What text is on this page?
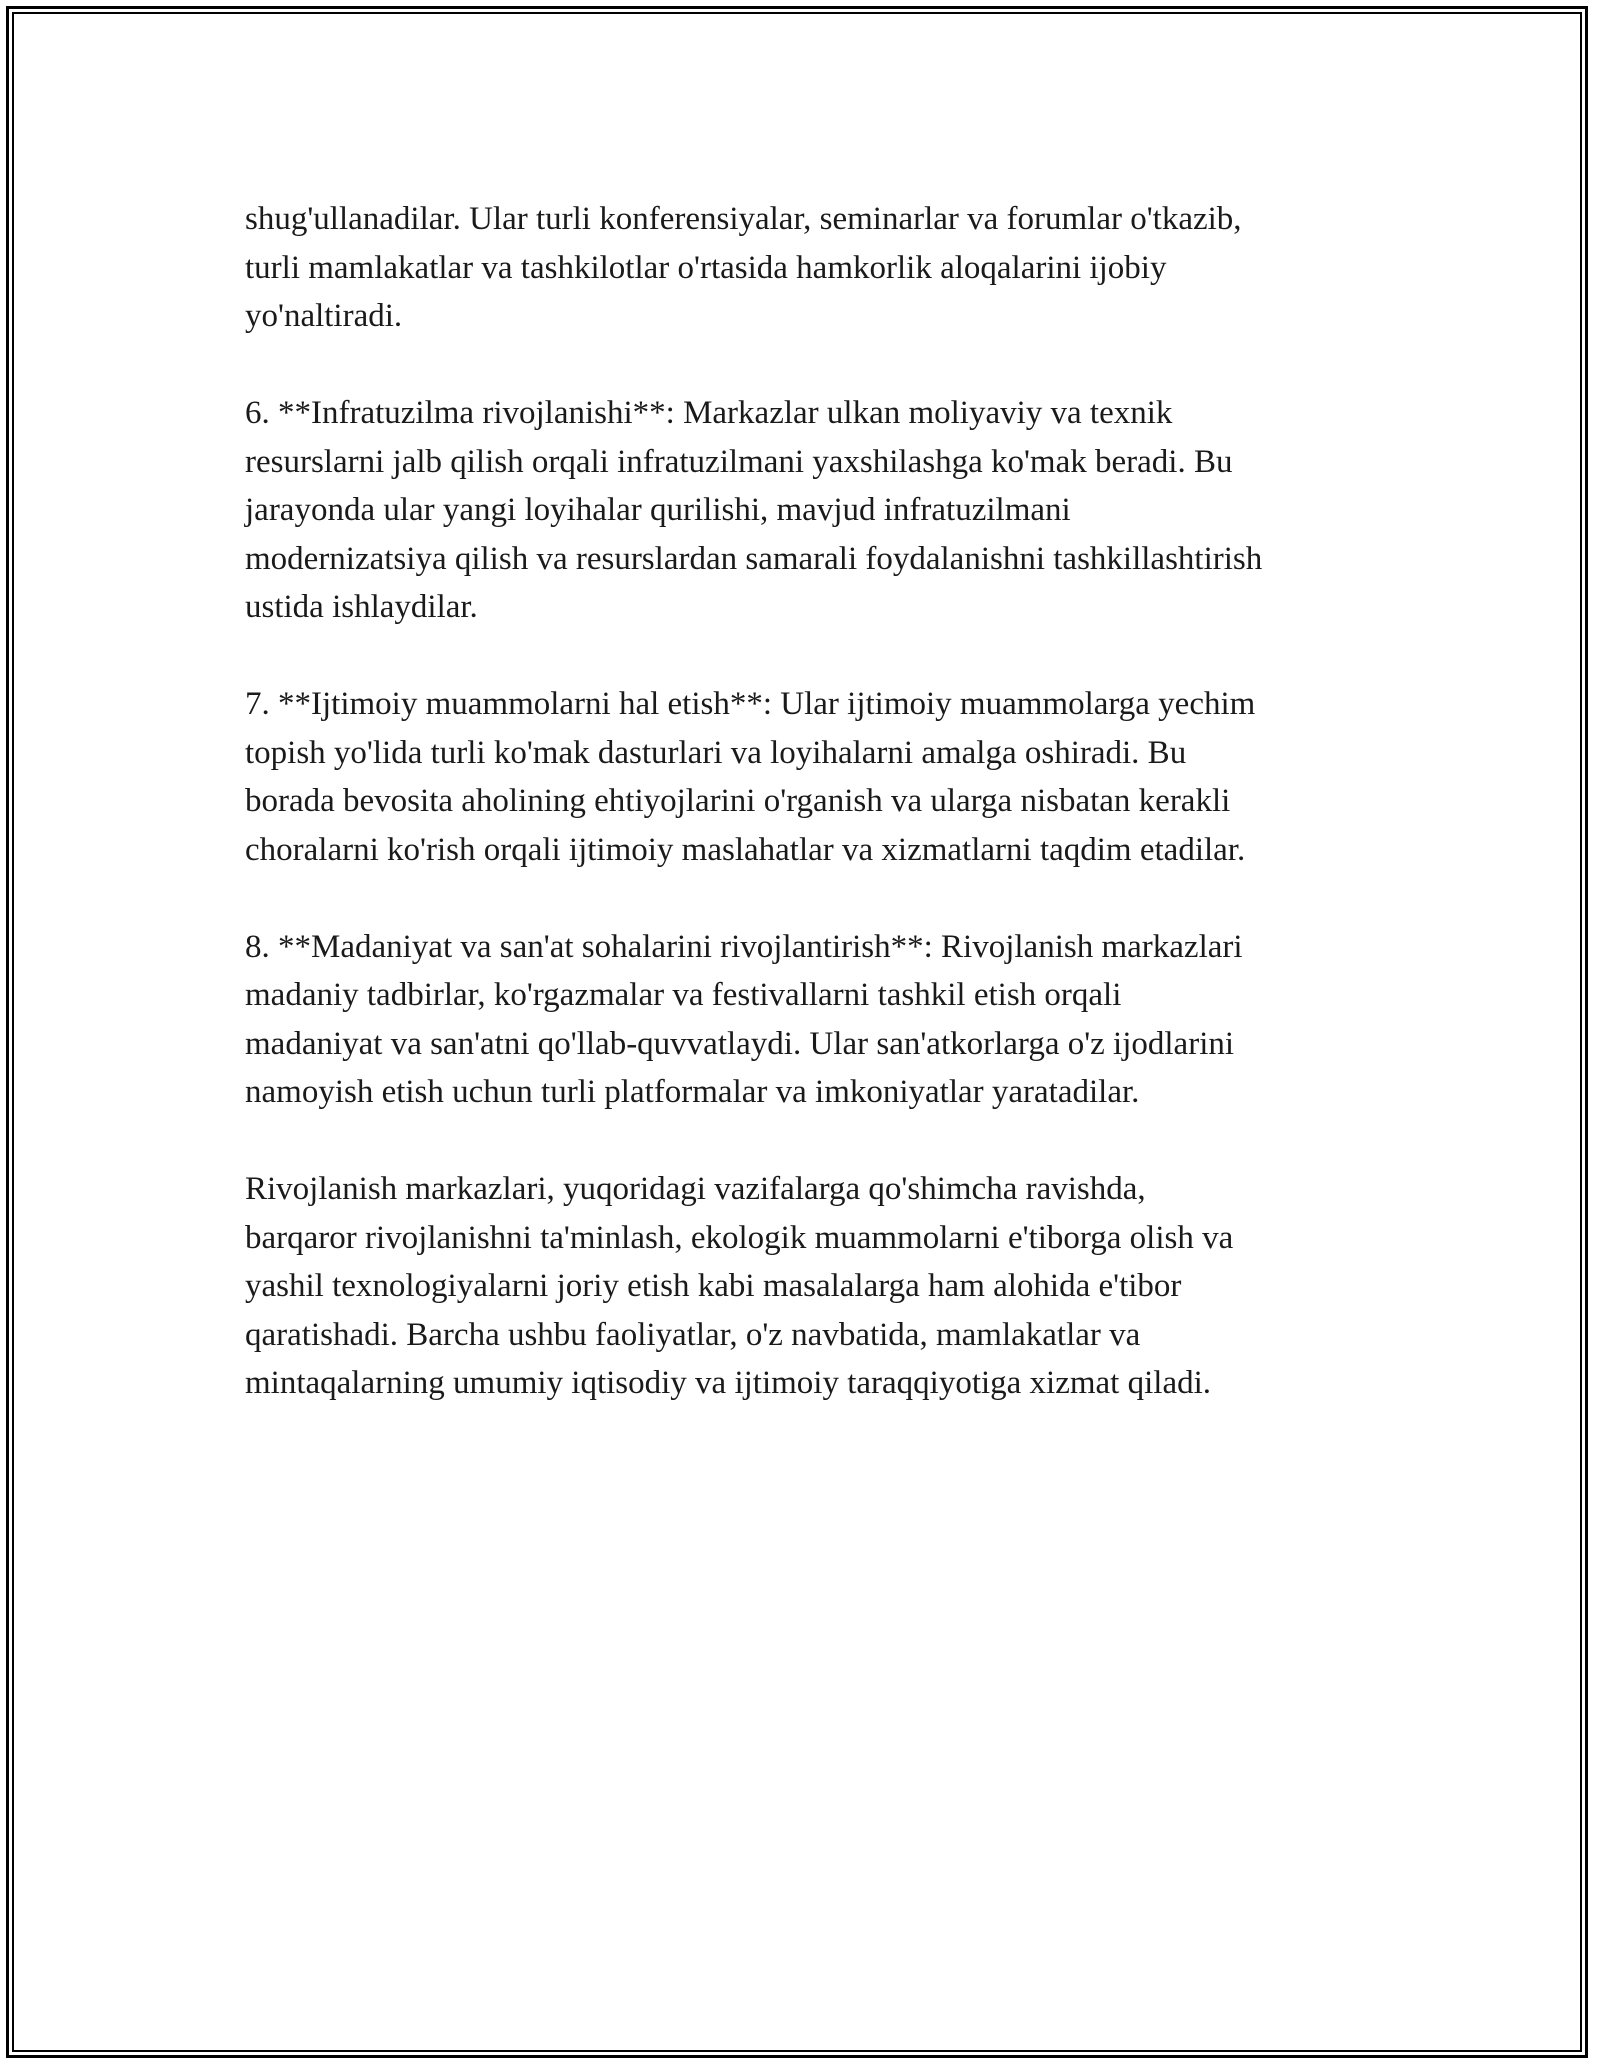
shug'ullanadilar. Ular turli konferensiyalar, seminarlar va forumlar o'tkazib,
turli mamlakatlar va tashkilotlar o'rtasida hamkorlik aloqalarini ijobiy
yo'naltiradi.

6. **Infratuzilma rivojlanishi**: Markazlar ulkan moliyaviy va texnik
resurslarni jalb qilish orqali infratuzilmani yaxshilashga ko'mak beradi. Bu
jarayonda ular yangi loyihalar qurilishi, mavjud infratuzilmani
modernizatsiya qilish va resurslardan samarali foydalanishni tashkillashtirish
ustida ishlaydilar.

7. **Ijtimoiy muammolarni hal etish**: Ular ijtimoiy muammolarga yechim
topish yo'lida turli ko'mak dasturlari va loyihalarni amalga oshiradi. Bu
borada bevosita aholining ehtiyojlarini o'rganish va ularga nisbatan kerakli
choralarni ko'rish orqali ijtimoiy maslahatlar va xizmatlarni taqdim etadilar.

8. **Madaniyat va san'at sohalarini rivojlantirish**: Rivojlanish markazlari
madaniy tadbirlar, ko'rgazmalar va festivallarni tashkil etish orqali
madaniyat va san'atni qo'llab-quvvatlaydi. Ular san'atkorlarga o'z ijodlarini
namoyish etish uchun turli platformalar va imkoniyatlar yaratadilar.

Rivojlanish markazlari, yuqoridagi vazifalarga qo'shimcha ravishda,
barqaror rivojlanishni ta'minlash, ekologik muammolarni e'tiborga olish va
yashil texnologiyalarni joriy etish kabi masalalarga ham alohida e'tibor
qaratishadi. Barcha ushbu faoliyatlar, o'z navbatida, mamlakatlar va
mintaqalarning umumiy iqtisodiy va ijtimoiy taraqqiyotiga xizmat qiladi.
